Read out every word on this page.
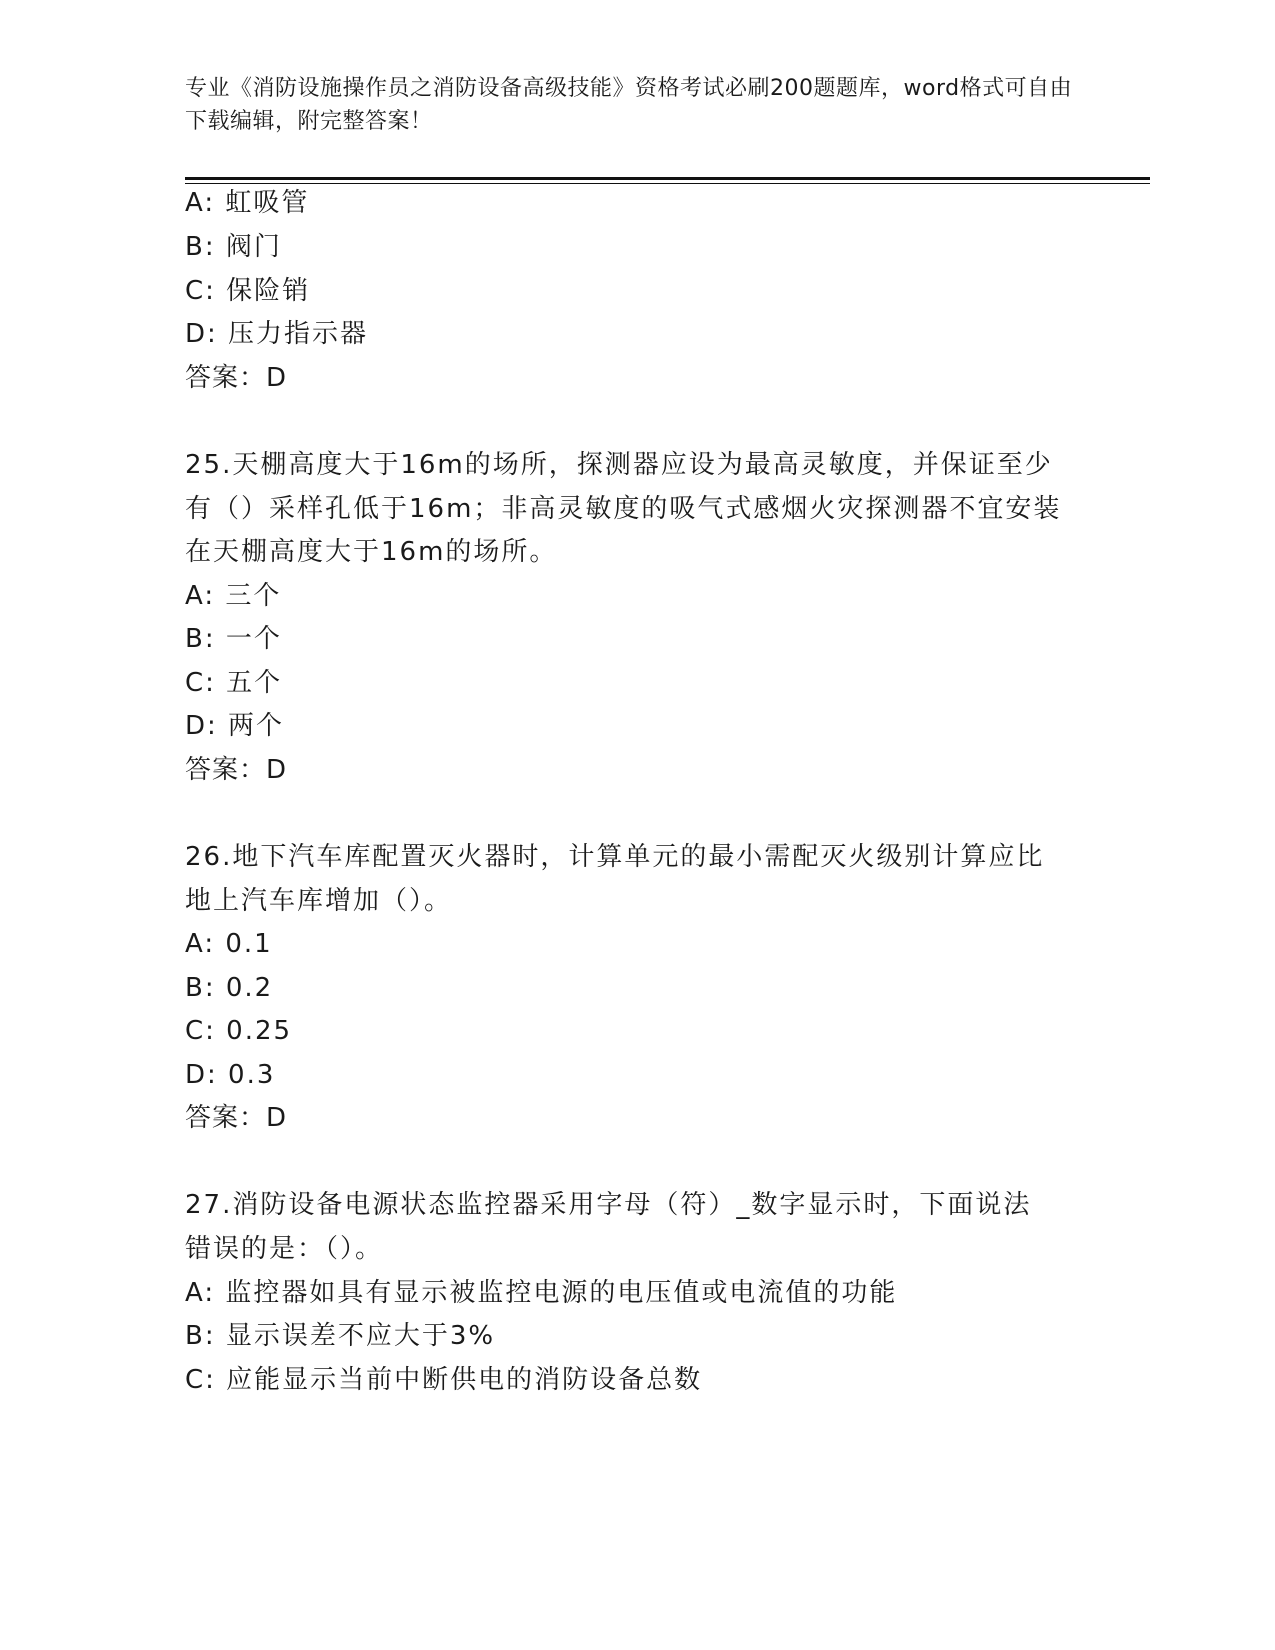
专业《消防设施操作员之消防设备高级技能》资格考试必刷200题题库，word格式可自由下载编辑，附完整答案！
A: 虹吸管
B: 阀门
C: 保险销
D: 压力指示器
答案：D
25.天棚高度大于16m的场所，探测器应设为最高灵敏度，并保证至少
有（）采样孔低于16m；非高灵敏度的吸气式感烟火灾探测器不宜安装
在天棚高度大于16m的场所。
A: 三个
B: 一个
C: 五个
D: 两个
答案：D
26.地下汽车库配置灭火器时，计算单元的最小需配灭火级别计算应比
地上汽车库增加（）。
A: 0.1
B: 0.2
C: 0.25
D: 0.3
答案：D
27.消防设备电源状态监控器采用字母（符）_数字显示时，下面说法
错误的是：（）。
A: 监控器如具有显示被监控电源的电压值或电流值的功能
B: 显示误差不应大于3%
C: 应能显示当前中断供电的消防设备总数
